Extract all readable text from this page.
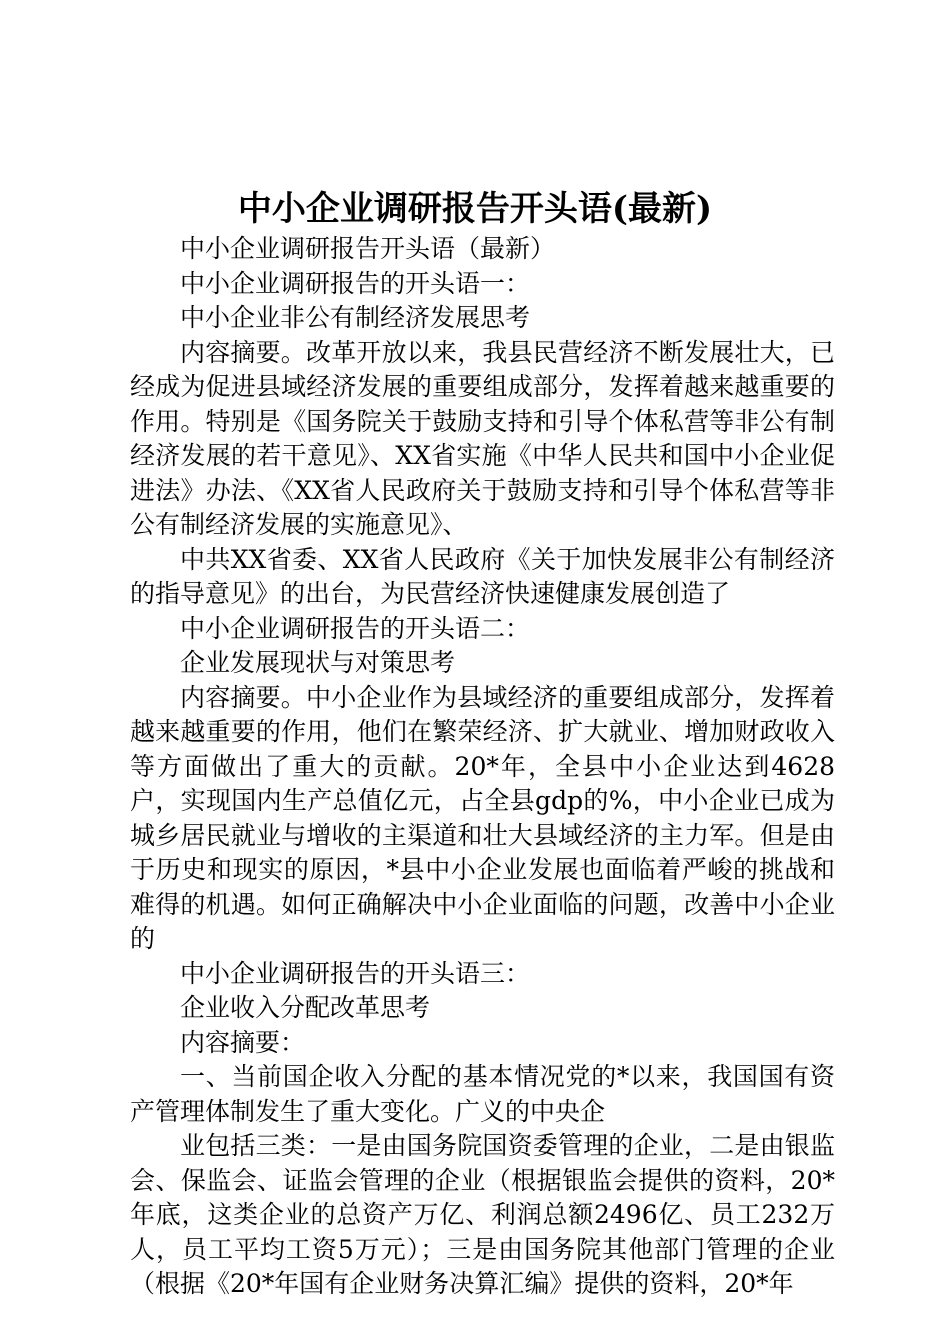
中小企业调研报告开头语(最新)

中小企业调研报告开头语（最新）

中小企业调研报告的开头语一：

中小企业非公有制经济发展思考

内容摘要。改革开放以来，我县民营经济不断发展壮大，已经成为促进县域经济发展的重要组成部分，发挥着越来越重要的作用。特别是《国务院关于鼓励支持和引导个体私营等非公有制经济发展的若干意见》、XX省实施《中华人民共和国中小企业促进法》办法、《XX省人民政府关于鼓励支持和引导个体私营等非公有制经济发展的实施意见》、

中共XX省委、XX省人民政府《关于加快发展非公有制经济的指导意见》的出台，为民营经济快速健康发展创造了

中小企业调研报告的开头语二：

企业发展现状与对策思考

内容摘要。中小企业作为县域经济的重要组成部分，发挥着越来越重要的作用，他们在繁荣经济、扩大就业、增加财政收入等方面做出了重大的贡献。20*年，全县中小企业达到4628户，实现国内生产总值亿元，占全县gdp的%，中小企业已成为城乡居民就业与增收的主渠道和壮大县域经济的主力军。但是由于历史和现实的原因，*县中小企业发展也面临着严峻的挑战和难得的机遇。如何正确解决中小企业面临的问题，改善中小企业的

中小企业调研报告的开头语三：

企业收入分配改革思考

内容摘要：

一、当前国企收入分配的基本情况党的*以来，我国国有资产管理体制发生了重大变化。广义的中央企

业包括三类：一是由国务院国资委管理的企业，二是由银监会、保监会、证监会管理的企业（根据银监会提供的资料，20*年底，这类企业的总资产万亿、利润总额2496亿、员工232万人，员工平均工资5万元）；三是由国务院其他部门管理的企业（根据《20*年国有企业财务决算汇编》提供的资料，20*年
